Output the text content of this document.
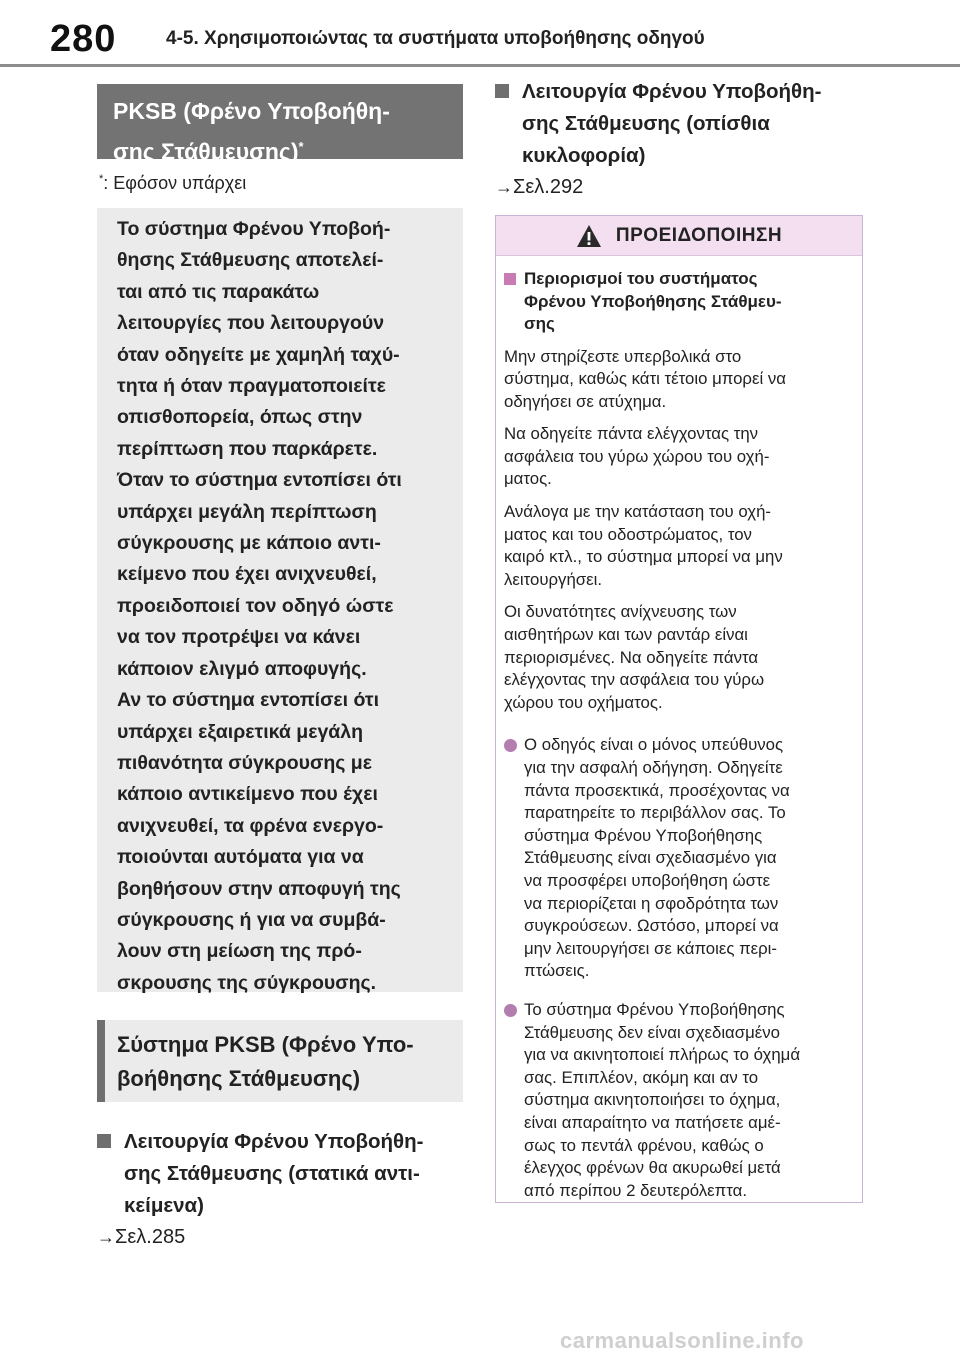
280	4-5. Χρησιμοποιώντας τα συστήματα υποβοήθησης οδηγού
PKSB (Φρένο Υποβοήθη-
σης Στάθμευσης)*
*: Εφόσον υπάρχει
Το σύστημα Φρένου Υποβοή-
θησης Στάθμευσης αποτελεί-
ται από τις παρακάτω
λειτουργίες που λειτουργούν
όταν οδηγείτε με χαμηλή ταχύ-
τητα ή όταν πραγματοποιείτε
οπισθοπορεία, όπως στην
περίπτωση που παρκάρετε.
Όταν το σύστημα εντοπίσει ότι
υπάρχει μεγάλη περίπτωση
σύγκρουσης με κάποιο αντι-
κείμενο που έχει ανιχνευθεί,
προειδοποιεί τον οδηγό ώστε
να τον προτρέψει να κάνει
κάποιον ελιγμό αποφυγής.
Αν το σύστημα εντοπίσει ότι
υπάρχει εξαιρετικά μεγάλη
πιθανότητα σύγκρουσης με
κάποιο αντικείμενο που έχει
ανιχνευθεί, τα φρένα ενεργο-
ποιούνται αυτόματα για να
βοηθήσουν στην αποφυγή της
σύγκρουσης ή για να συμβά-
λουν στη μείωση της πρό-
σκρουσης της σύγκρουσης.
Σύστημα PKSB (Φρένο Υπο-
βοήθησης Στάθμευσης)
Λειτουργία Φρένου Υποβοήθη-
σης Στάθμευσης (στατικά αντι-
κείμενα)
→Σελ.285
Λειτουργία Φρένου Υποβοήθη-
σης Στάθμευσης (οπίσθια
κυκλοφορία)
→Σελ.292
ΠΡΟΕΙΔΟΠΟΙΗΣΗ
Περιορισμοί του συστήματος
Φρένου Υποβοήθησης Στάθμευ-
σης
Μην στηρίζεστε υπερβολικά στο
σύστημα, καθώς κάτι τέτοιο μπορεί να
οδηγήσει σε ατύχημα.
Να οδηγείτε πάντα ελέγχοντας την
ασφάλεια του γύρω χώρου του οχή-
ματος.
Ανάλογα με την κατάσταση του οχή-
ματος και του οδοστρώματος, τον
καιρό κτλ., το σύστημα μπορεί να μην
λειτουργήσει.
Οι δυνατότητες ανίχνευσης των
αισθητήρων και των ραντάρ είναι
περιορισμένες. Να οδηγείτε πάντα
ελέγχοντας την ασφάλεια του γύρω
χώρου του οχήματος.
Ο οδηγός είναι ο μόνος υπεύθυνος
για την ασφαλή οδήγηση. Οδηγείτε
πάντα προσεκτικά, προσέχοντας να
παρατηρείτε το περιβάλλον σας. Το
σύστημα Φρένου Υποβοήθησης
Στάθμευσης είναι σχεδιασμένο για
να προσφέρει υποβοήθηση ώστε
να περιορίζεται η σφοδρότητα των
συγκρούσεων. Ωστόσο, μπορεί να
μην λειτουργήσει σε κάποιες περι-
πτώσεις.
Το σύστημα Φρένου Υποβοήθησης
Στάθμευσης δεν είναι σχεδιασμένο
για να ακινητοποιεί πλήρως το όχημά
σας. Επιπλέον, ακόμη και αν το
σύστημα ακινητοποιήσει το όχημα,
είναι απαραίτητο να πατήσετε αμέ-
σως το πεντάλ φρένου, καθώς ο
έλεγχος φρένων θα ακυρωθεί μετά
από περίπου 2 δευτερόλεπτα.
carmanualsonline.info
